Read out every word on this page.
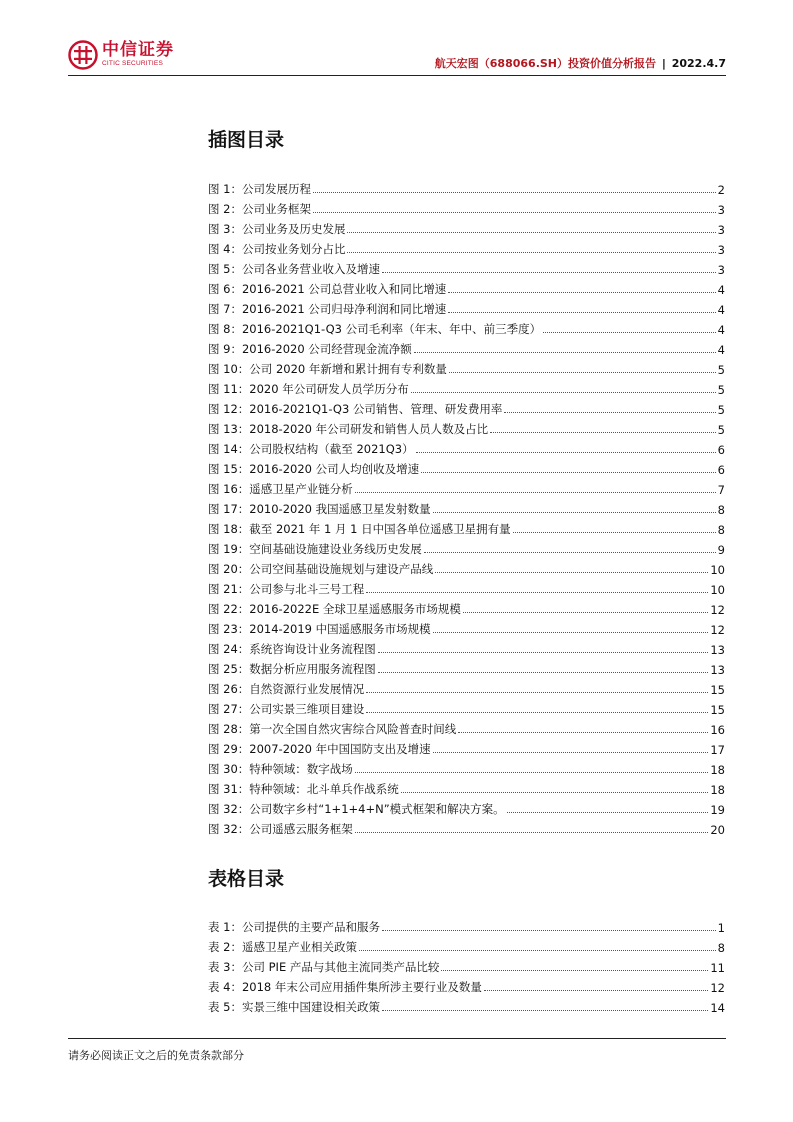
中信证券
CITIC SECURITIES	航天宏图（688066.SH）投资价值分析报告 | 2022.4.7
插图目录
图 1：公司发展历程	2
图 2：公司业务框架	3
图 3：公司业务及历史发展	3
图 4：公司按业务划分占比	3
图 5：公司各业务营业收入及增速	3
图 6：2016-2021 公司总营业收入和同比增速	4
图 7：2016-2021 公司归母净利润和同比增速	4
图 8：2016-2021Q1-Q3 公司毛利率（年末、年中、前三季度）	4
图 9：2016-2020 公司经营现金流净额	4
图 10：公司 2020 年新增和累计拥有专利数量	5
图 11：2020 年公司研发人员学历分布	5
图 12：2016-2021Q1-Q3 公司销售、管理、研发费用率	5
图 13：2018-2020 年公司研发和销售人员人数及占比	5
图 14：公司股权结构（截至 2021Q3）	6
图 15：2016-2020 公司人均创收及增速	6
图 16：遥感卫星产业链分析	7
图 17：2010-2020 我国遥感卫星发射数量	8
图 18：截至 2021 年 1 月 1 日中国各单位遥感卫星拥有量	8
图 19：空间基础设施建设业务线历史发展	9
图 20：公司空间基础设施规划与建设产品线	10
图 21：公司参与北斗三号工程	10
图 22：2016-2022E 全球卫星遥感服务市场规模	12
图 23：2014-2019 中国遥感服务市场规模	12
图 24：系统咨询设计业务流程图	13
图 25：数据分析应用服务流程图	13
图 26：自然资源行业发展情况	15
图 27：公司实景三维项目建设	15
图 28：第一次全国自然灾害综合风险普查时间线	16
图 29：2007-2020 年中国国防支出及增速	17
图 30：特种领域：数字战场	18
图 31：特种领域：北斗单兵作战系统	18
图 32：公司数字乡村“1+1+4+N”模式框架和解决方案。	19
图 32：公司遥感云服务框架	20
表格目录
表 1：公司提供的主要产品和服务	1
表 2：遥感卫星产业相关政策	8
表 3：公司 PIE 产品与其他主流同类产品比较	11
表 4：2018 年末公司应用插件集所涉主要行业及数量	12
表 5：实景三维中国建设相关政策	14
请务必阅读正文之后的免责条款部分
